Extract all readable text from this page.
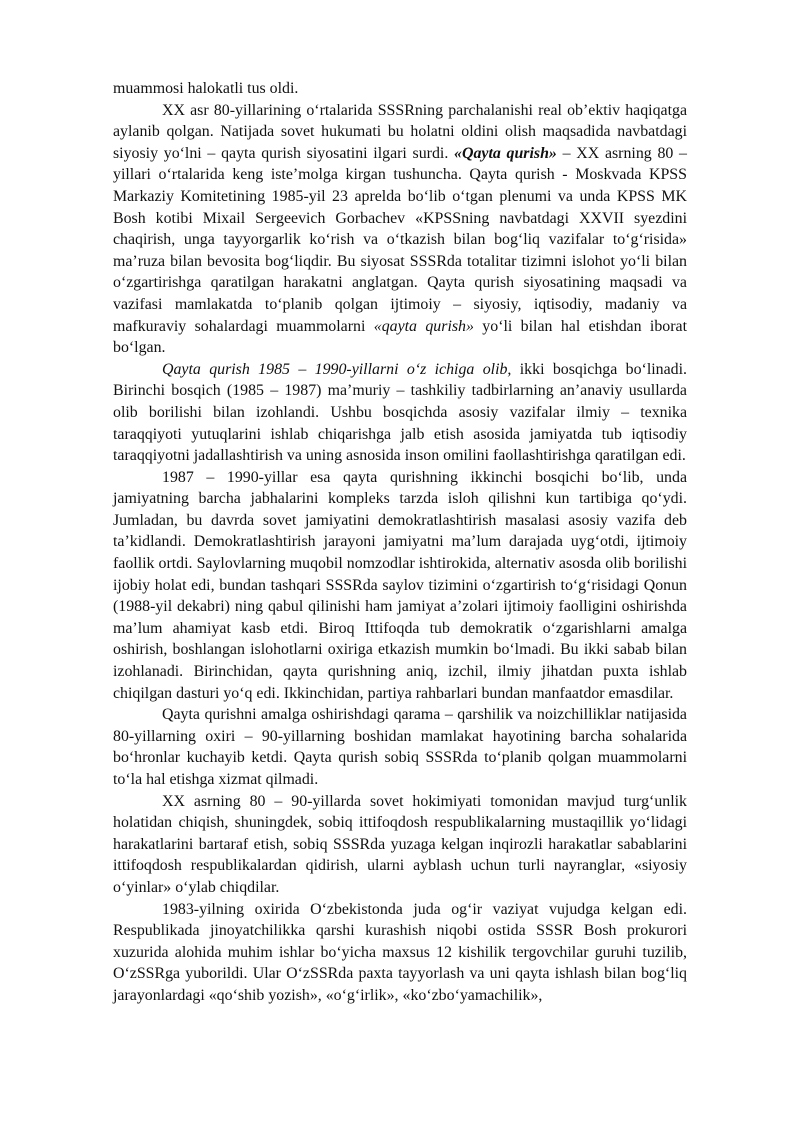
muammosi halokatli tus oldi.

XX asr 80-yillarining o‘rtalarida SSSRning parchalanishi real ob’ektiv haqiqatga aylanib qolgan. Natijada sovet hukumati bu holatni oldini olish maqsadida navbatdagi siyosiy yo‘lni – qayta qurish siyosatini ilgari surdi. «Qayta qurish» – XX asrning 80 – yillari o‘rtalarida keng iste’molga kirgan tushuncha. Qayta qurish - Moskvada KPSS Markaziy Komitetining 1985-yil 23 aprelda bo‘lib o‘tgan plenumi va unda KPSS MK Bosh kotibi Mixail Sergeevich Gorbachev «KPSSning navbatdagi XXVII syezdini chaqirish, unga tayyorgarlik ko‘rish va o‘tkazish bilan bog‘liq vazifalar to‘g‘risida» ma’ruza bilan bevosita bog‘liqdir. Bu siyosat SSSRda totalitar tizimni islohot yo‘li bilan o‘zgartirishga qaratilgan harakatni anglatgan. Qayta qurish siyosatining maqsadi va vazifasi mamlakatda to‘planib qolgan ijtimoiy – siyosiy, iqtisodiy, madaniy va mafkuraviy sohalardagi muammolarni «qayta qurish» yo‘li bilan hal etishdan iborat bo‘lgan.

Qayta qurish 1985 – 1990-yillarni o‘z ichiga olib, ikki bosqichga bo‘linadi. Birinchi bosqich (1985 – 1987) ma’muriy – tashkiliy tadbirlarning an’anaviy usullarda olib borilishi bilan izohlandi. Ushbu bosqichda asosiy vazifalar ilmiy – texnika taraqqiyoti yutuqlarini ishlab chiqarishga jalb etish asosida jamiyatda tub iqtisodiy taraqqiyotni jadallashtirish va uning asnosida inson omilini faollashtirishga qaratilgan edi.

1987 – 1990-yillar esa qayta qurishning ikkinchi bosqichi bo‘lib, unda jamiyatning barcha jabhalarini kompleks tarzda isloh qilishni kun tartibiga qo‘ydi. Jumladan, bu davrda sovet jamiyatini demokratlashtirish masalasi asosiy vazifa deb ta’kidlandi. Demokratlashtirish jarayoni jamiyatni ma’lum darajada uyg‘otdi, ijtimoiy faollik ortdi. Saylovlarning muqobil nomzodlar ishtirokida, alternativ asosda olib borilishi ijobiy holat edi, bundan tashqari SSSRda saylov tizimini o‘zgartirish to‘g‘risidagi Qonun (1988-yil dekabri) ning qabul qilinishi ham jamiyat a’zolari ijtimoiy faolligini oshirishda ma’lum ahamiyat kasb etdi. Biroq Ittifoqda tub demokratik o‘zgarishlarni amalga oshirish, boshlangan islohotlarni oxiriga etkazish mumkin bo‘lmadi. Bu ikki sabab bilan izohlanadi. Birinchidan, qayta qurishning aniq, izchil, ilmiy jihatdan puxta ishlab chiqilgan dasturi yo‘q edi. Ikkinchidan, partiya rahbarlari bundan manfaatdor emasdilar.

Qayta qurishni amalga oshirishdagi qarama – qarshilik va noizchilliklar natijasida 80-yillarning oxiri – 90-yillarning boshidan mamlakat hayotining barcha sohalarida bo‘hronlar kuchayib ketdi. Qayta qurish sobiq SSSRda to‘planib qolgan muammolarni to‘la hal etishga xizmat qilmadi.

XX asrning 80 – 90-yillarda sovet hokimiyati tomonidan mavjud turg‘unlik holatidan chiqish, shuningdek, sobiq ittifoqdosh respublikalarning mustaqillik yo‘lidagi harakatlarini bartaraf etish, sobiq SSSRda yuzaga kelgan inqirozli harakatlar sabablarini ittifoqdosh respublikalardan qidirish, ularni ayblash uchun turli nayranglar, «siyosiy o‘yinlar» o‘ylab chiqdilar.

1983-yilning oxirida O‘zbekistonda juda og‘ir vaziyat vujudga kelgan edi. Respublikada jinoyatchilikka qarshi kurashish niqobi ostida SSSR Bosh prokurori xuzurida alohida muhim ishlar bo‘yicha maxsus 12 kishilik tergovchilar guruhi tuzilib, O‘zSSRga yuborildi. Ular O‘zSSRda paxta tayyorlash va uni qayta ishlash bilan bog‘liq jarayonlardagi «qo‘shib yozish», «o‘g‘irlik», «ko‘zbo‘yamachilik»,
